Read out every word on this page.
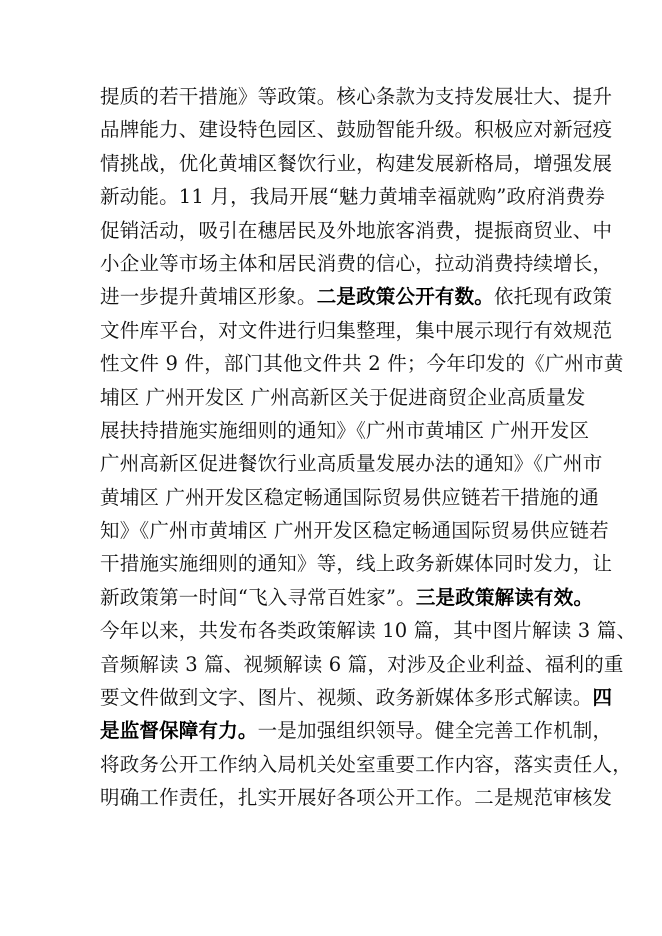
提质的若干措施》等政策。核心条款为支持发展壮大、提升
品牌能力、建设特色园区、鼓励智能升级。积极应对新冠疫
情挑战，优化黄埔区餐饮行业，构建发展新格局，增强发展
新动能。11 月，我局开展“魅力黄埔幸福就购”政府消费券
促销活动，吸引在穗居民及外地旅客消费，提振商贸业、中
小企业等市场主体和居民消费的信心，拉动消费持续增长，
进一步提升黄埔区形象。二是政策公开有数。依托现有政策
文件库平台，对文件进行归集整理，集中展示现行有效规范
性文件 9 件，部门其他文件共 2 件；今年印发的《广州市黄
埔区 广州开发区 广州高新区关于促进商贸企业高质量发
展扶持措施实施细则的通知》《广州市黄埔区 广州开发区
广州高新区促进餐饮行业高质量发展办法的通知》《广州市
黄埔区 广州开发区稳定畅通国际贸易供应链若干措施的通
知》《广州市黄埔区 广州开发区稳定畅通国际贸易供应链若
干措施实施细则的通知》等，线上政务新媒体同时发力，让
新政策第一时间“飞入寻常百姓家”。三是政策解读有效。
今年以来，共发布各类政策解读 10 篇，其中图片解读 3 篇、
音频解读 3 篇、视频解读 6 篇，对涉及企业利益、福利的重
要文件做到文字、图片、视频、政务新媒体多形式解读。四
是监督保障有力。一是加强组织领导。健全完善工作机制，
将政务公开工作纳入局机关处室重要工作内容，落实责任人，
明确工作责任，扎实开展好各项公开工作。二是规范审核发
